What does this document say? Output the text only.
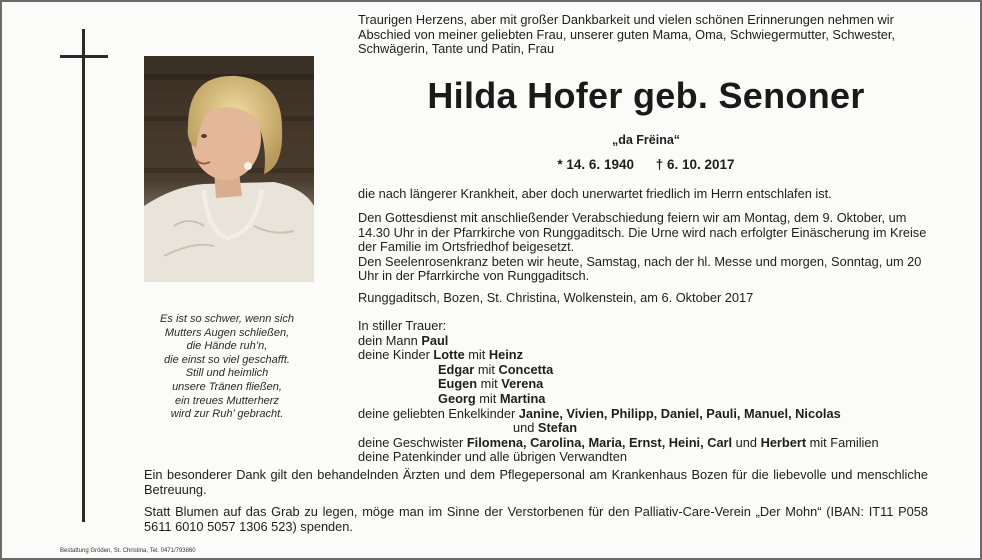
Es ist so schwer, wenn sich
Mutters Augen schließen,
die Hände ruh’n,
die einst so viel geschafft.
Still und heimlich
unsere Tränen fließen,
ein treues Mutterherz
wird zur Ruh’ gebracht.
Traurigen Herzens, aber mit großer Dankbarkeit und vielen schönen Erinnerungen nehmen wir Abschied von meiner geliebten Frau, unserer guten Mama, Oma, Schwiegermutter, Schwester, Schwägerin, Tante und Patin, Frau
Hilda Hofer geb. Senoner
„da Frëina“
* 14. 6. 1940 † 6. 10. 2017
die nach längerer Krankheit, aber doch unerwartet friedlich im Herrn entschlafen ist.
Den Gottesdienst mit anschließender Verabschiedung feiern wir am Montag, dem 9. Oktober, um 14.30 Uhr in der Pfarrkirche von Runggaditsch. Die Urne wird nach erfolgter Einäscherung im Kreise der Familie im Ortsfriedhof beigesetzt.
Den Seelenrosenkranz beten wir heute, Samstag, nach der hl. Messe und morgen, Sonntag, um 20 Uhr in der Pfarrkirche von Runggaditsch.
Runggaditsch, Bozen, St. Christina, Wolkenstein, am 6. Oktober 2017
In stiller Trauer:
dein Mann Paul
deine Kinder Lotte mit Heinz
Edgar mit Concetta
Eugen mit Verena
Georg mit Martina
deine geliebten Enkelkinder Janine, Vivien, Philipp, Daniel, Pauli, Manuel, Nicolas
und Stefan
deine Geschwister Filomena, Carolina, Maria, Ernst, Heini, Carl und Herbert mit Familien
deine Patenkinder und alle übrigen Verwandten
Ein besonderer Dank gilt den behandelnden Ärzten und dem Pflegepersonal am Krankenhaus Bozen für die liebevolle und menschliche Betreuung.
Statt Blumen auf das Grab zu legen, möge man im Sinne der Verstorbenen für den Palliativ-Care-Verein „Der Mohn“ (IBAN: IT11 P058 5611 6010 5057 1306 523) spenden.
Bestattung Gröden, St. Christina, Tel. 0471/793860
